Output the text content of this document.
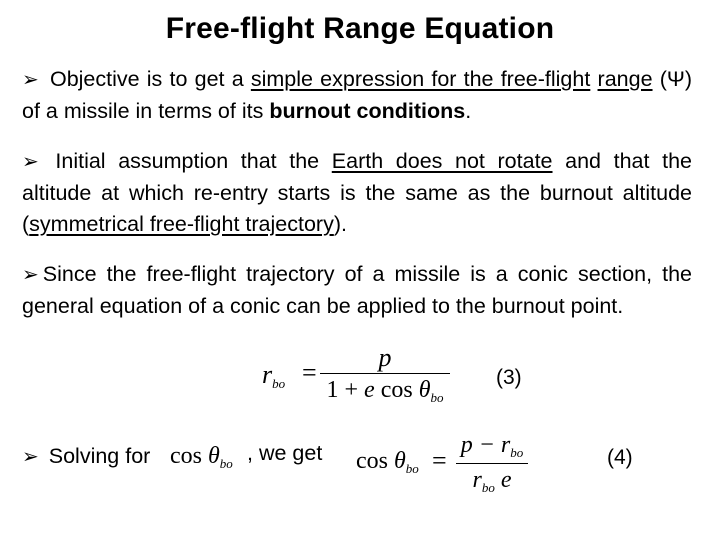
Free-flight Range Equation
➢ Objective is to get a simple expression for the free-flight range (Ψ) of a missile in terms of its burnout conditions.
➢ Initial assumption that the Earth does not rotate and that the altitude at which re-entry starts is the same as the burnout altitude (symmetrical free-flight trajectory).
➢ Since the free-flight trajectory of a missile is a conic section, the general equation of a conic can be applied to the burnout point.
rbo =
p
1 + e $\cos \theta_{bo}$
(3)
➢ Solving for $\cos \theta_{bo}$ , we get $\cos \theta_{bo}$ =
$p - r_{bo}$
$r_{bo}$ e
(4)
